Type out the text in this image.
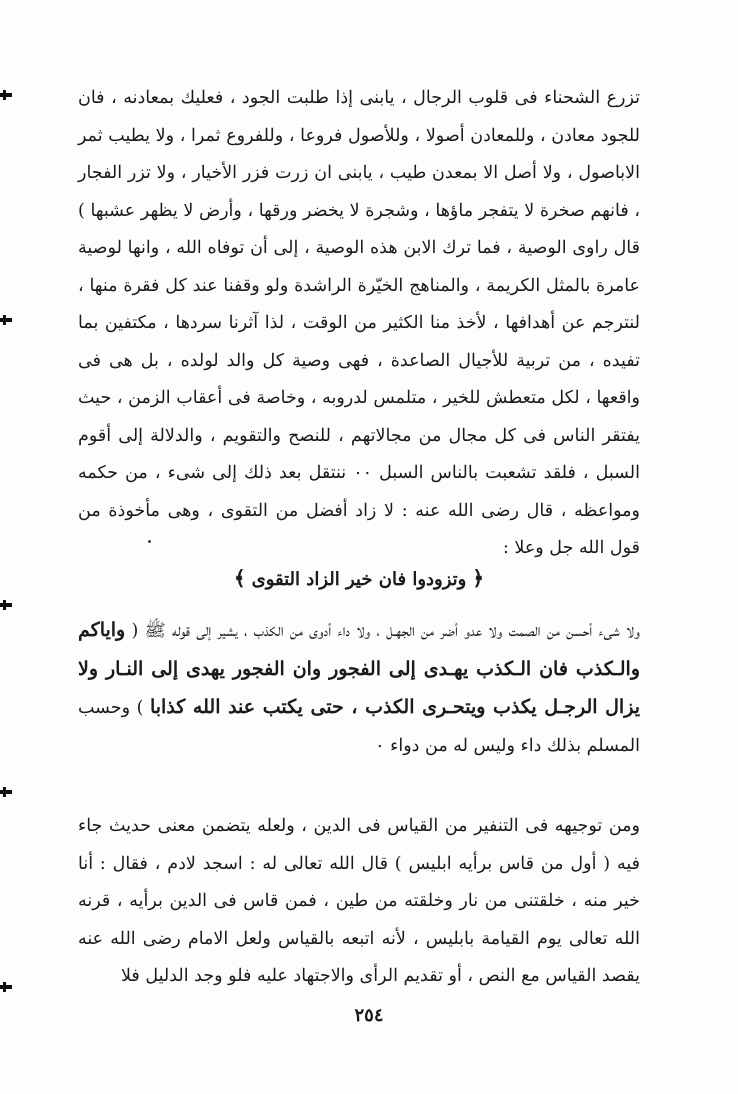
تزرع الشحناء فى قلوب الرجال ، يابنى إذا طلبت الجود ، فعليك بمعادنه ، فان للجود معادن ، وللمعادن أصولا ، وللأصول فروعا ، وللفروع ثمرا ، ولا يطيب ثمر الاباصول ، ولا أصل الا بمعدن طيب ، يابنى ان زرت فزر الأخيار ، ولا تزر الفجار ، فانهم صخرة لا يتفجر ماؤها ، وشجرة لا يخضر ورقها ، وأرض لا يظهر عشبها ) قال راوى الوصية ، فما ترك الابن هذه الوصية ، إلى أن توفاه الله ، وانها لوصية عامرة بالمثل الكريمة ، والمناهج الخيّرة الراشدة ولو وقفنا عند كل فقرة منها ، لنترجم عن أهدافها ، لأخذ منا الكثير من الوقت ، لذا آثرنا سردها ، مكتفين بما تفيده ، من تربية للأجيال الصاعدة ، فهى وصية كل والد لولده ، بل هى فى واقعها ، لكل متعطش للخير ، متلمس لدروبه ، وخاصة فى أعقاب الزمن ، حيث يفتقر الناس فى كل مجال من مجالاتهم ، للنصح والتقويم ، والدلالة إلى أقوم السبل ، فلقد تشعبت بالناس السبل ٠٠ ننتقل بعد ذلك إلى شىء ، من حكمه ومواعظه ، قال رضى الله عنه : لا زاد أفضل من التقوى ، وهى مأخوذة من قول الله جل وعلا :

﴿وتزودوا فان خير الزاد التقوى﴾

ولا شىء أحسن من الصمت ولا عدو أضر من الجهـل ، ولا داء أدوى من الكذب ، يشير إلى قوله ﷺ ( واياكم والـكذب فان الـكذب يهـدى إلى الفجور وان الفجور يهدى إلى النـار ولا يزال الرجـل يكذب ويتحـرى الكذب ، حتى يكتب عند الله كذابا ) وحسب المسلم بذلك داء وليس له من دواء ٠

ومن توجيهه فى التنفير من القياس فى الدين ، ولعله يتضمن معنى حديث جاء فيه ( أول من قاس برأيه ابليس ) قال الله تعالى له : اسجد لادم ، فقال : أنا خير منه ، خلقتنى من نار وخلقته من طين ، فمن قاس فى الدين برأيه ، قرنه الله تعالى يوم القيامة بابليس ، لأنه اتبعه بالقياس ولعل الامام رضى الله عنه يقصد القياس مع النص ، أو تقديم الرأى والاجتهاد عليه فلو وجد الدليل فلا

٢٥٤
